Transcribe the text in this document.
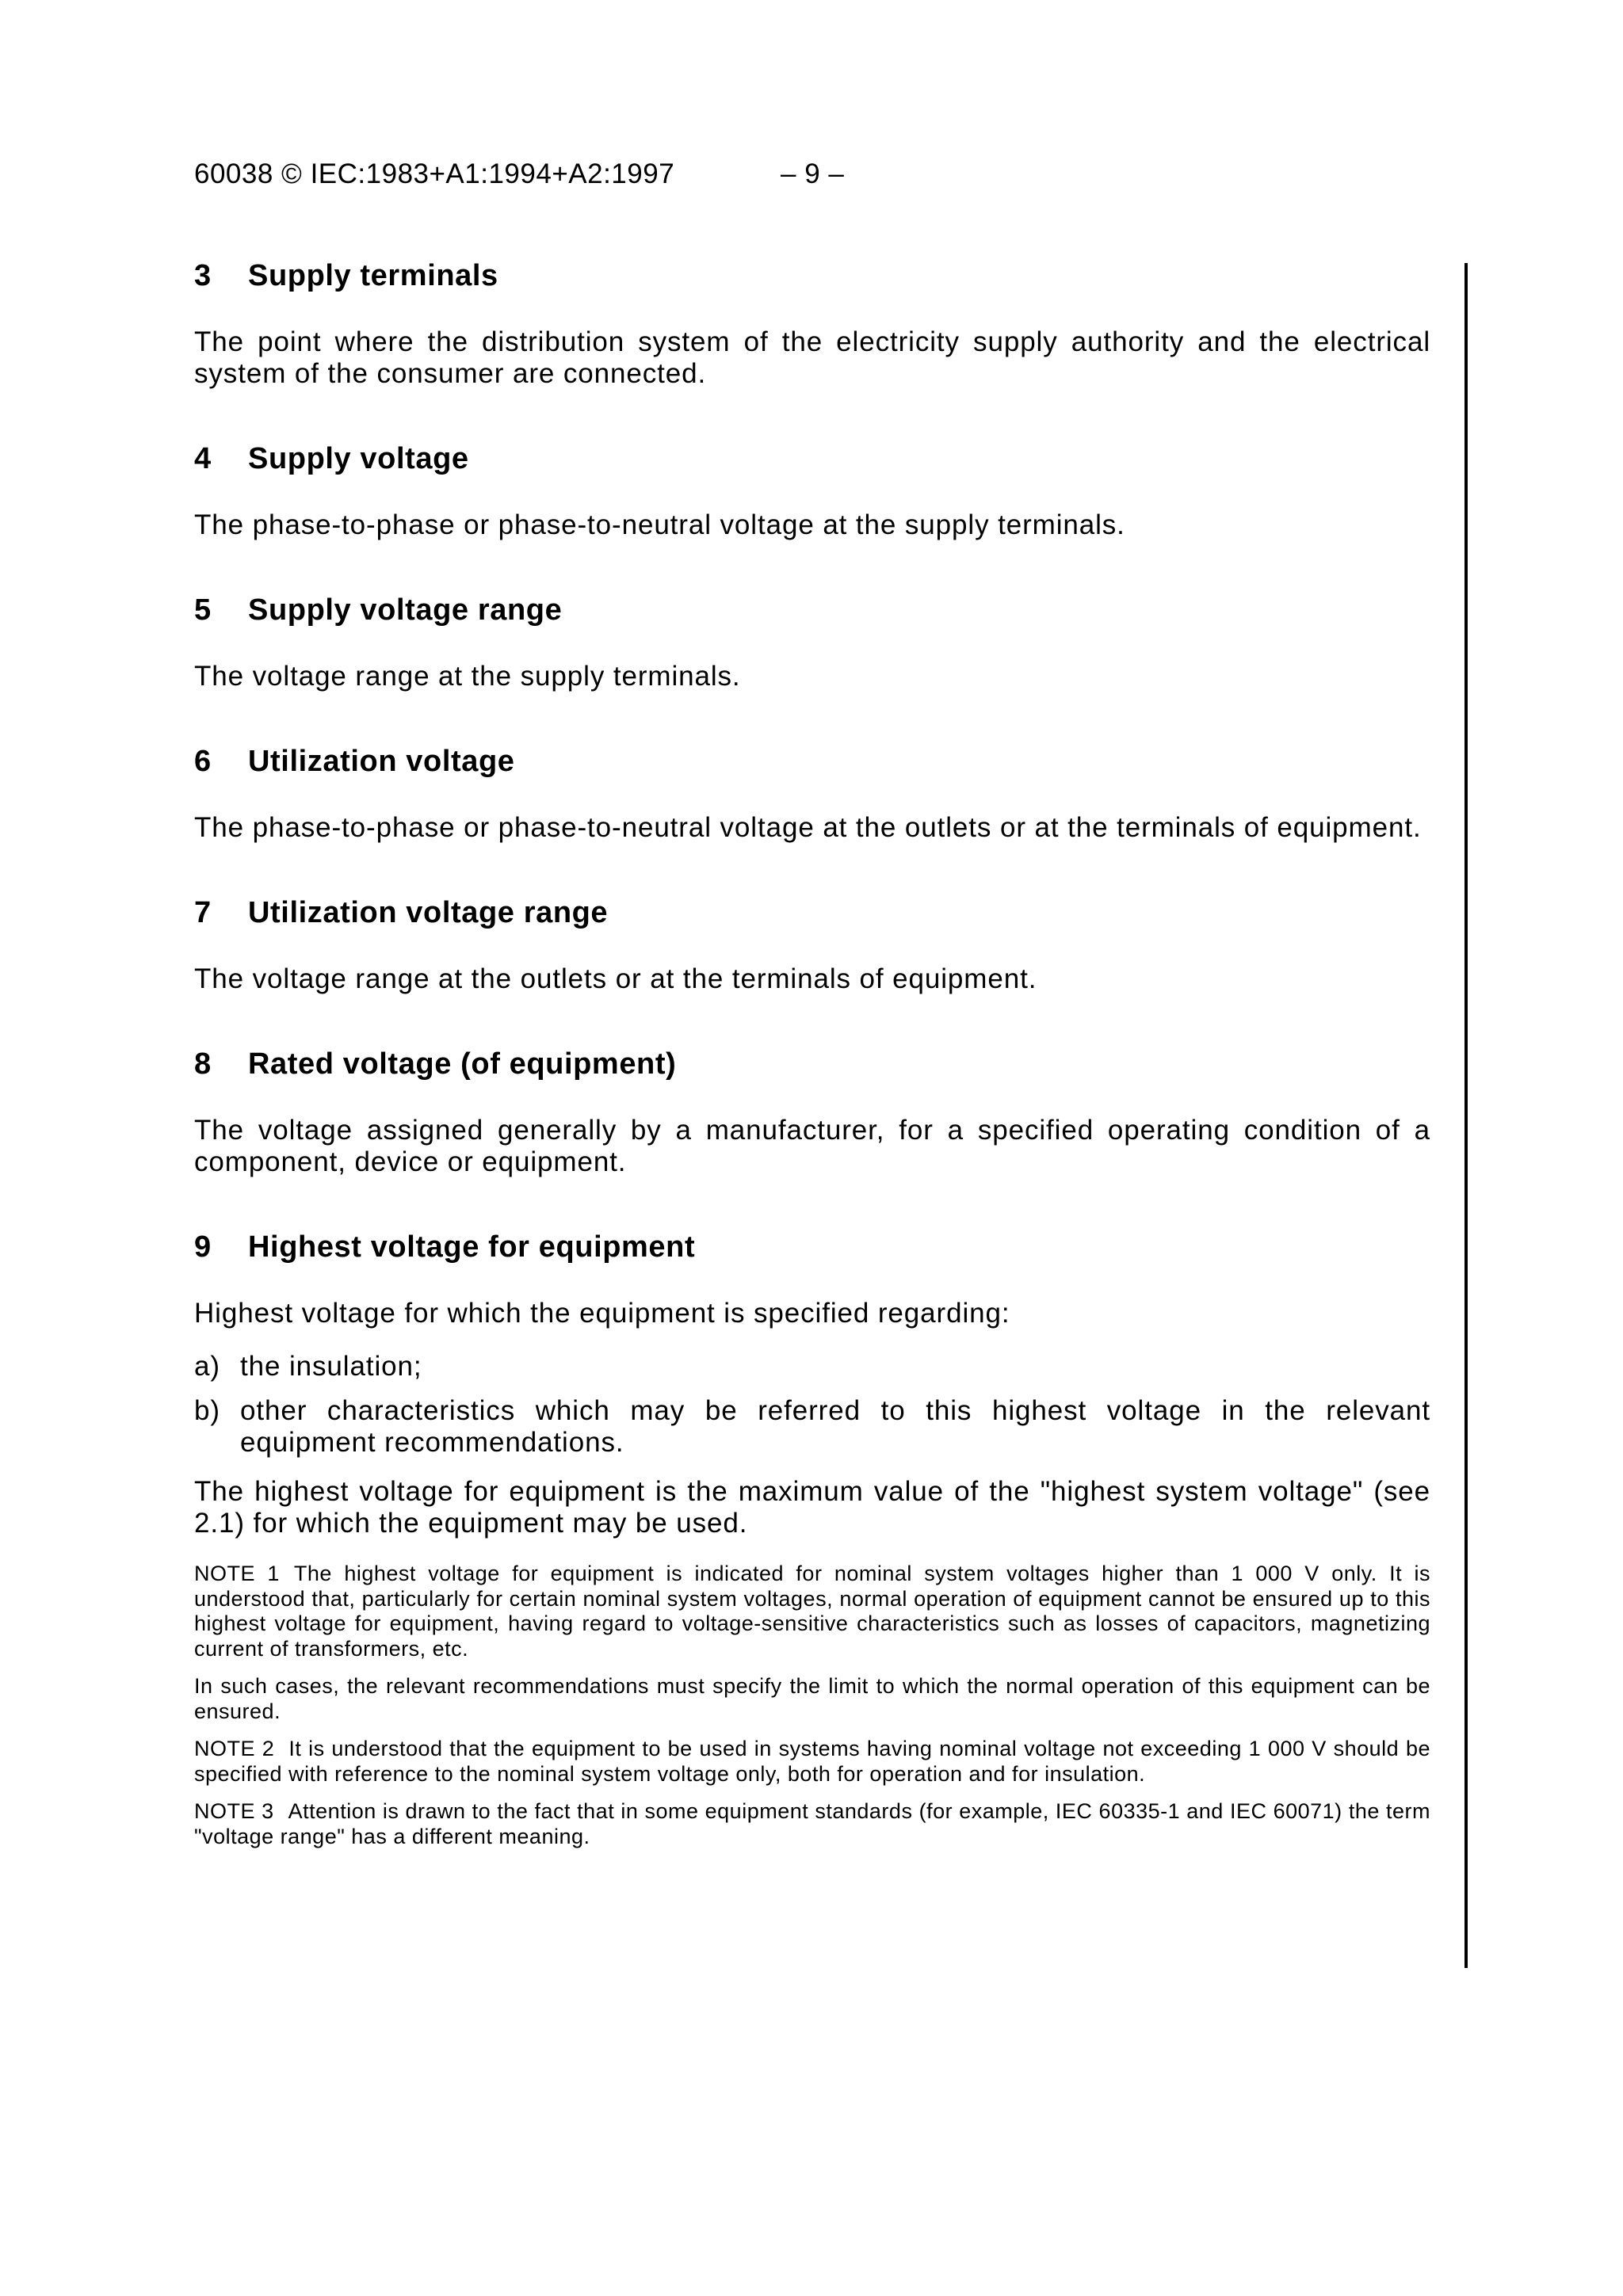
60038 © IEC:1983+A1:1994+A2:1997	– 9 –
3	Supply terminals

The point where the distribution system of the electricity supply authority and the electrical system of the consumer are connected.

4	Supply voltage

The phase-to-phase or phase-to-neutral voltage at the supply terminals.

5	Supply voltage range

The voltage range at the supply terminals.

6	Utilization voltage

The phase-to-phase or phase-to-neutral voltage at the outlets or at the terminals of equipment.

7	Utilization voltage range

The voltage range at the outlets or at the terminals of equipment.

8	Rated voltage (of equipment)

The voltage assigned generally by a manufacturer, for a specified operating condition of a component, device or equipment.

9	Highest voltage for equipment

Highest voltage for which the equipment is specified regarding:

a) the insulation;
b) other characteristics which may be referred to this highest voltage in the relevant equipment recommendations.

The highest voltage for equipment is the maximum value of the "highest system voltage" (see 2.1) for which the equipment may be used.

NOTE 1 The highest voltage for equipment is indicated for nominal system voltages higher than 1 000 V only. It is understood that, particularly for certain nominal system voltages, normal operation of equipment cannot be ensured up to this highest voltage for equipment, having regard to voltage-sensitive characteristics such as losses of capacitors, magnetizing current of transformers, etc.

In such cases, the relevant recommendations must specify the limit to which the normal operation of this equipment can be ensured.

NOTE 2 It is understood that the equipment to be used in systems having nominal voltage not exceeding 1 000 V should be specified with reference to the nominal system voltage only, both for operation and for insulation.

NOTE 3 Attention is drawn to the fact that in some equipment standards (for example, IEC 60335-1 and IEC 60071) the term "voltage range" has a different meaning.
